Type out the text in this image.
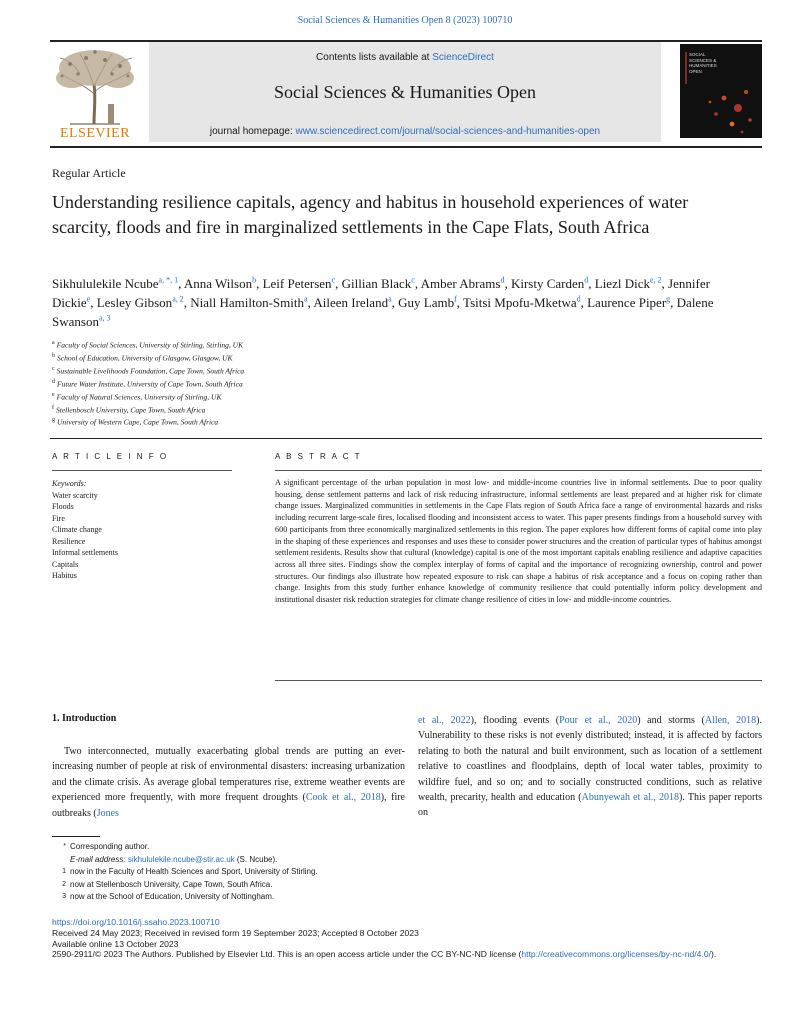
Social Sciences & Humanities Open 8 (2023) 100710
Contents lists available at ScienceDirect
Social Sciences & Humanities Open
journal homepage: www.sciencedirect.com/journal/social-sciences-and-humanities-open
ELSEVIER
SOCIAL SCIENCES & HUMANITIES OPEN
Regular Article
Understanding resilience capitals, agency and habitus in household experiences of water scarcity, floods and fire in marginalized settlements in the Cape Flats, South Africa
Sikhululekile Ncube$^{a, *, 1}$, Anna Wilson$^b$, Leif Petersen$^c$, Gillian Black$^c$, Amber Abrams$^d$, Kirsty Carden$^d$, Liezl Dick$^{e, 2}$, Jennifer Dickie$^e$, Lesley Gibson$^{a, 2}$, Niall Hamilton-Smith$^a$, Aileen Ireland$^a$, Guy Lamb$^f$, Tsitsi Mpofu-Mketwa$^d$, Laurence Piper$^g$, Dalene Swanson$^{a, 3}$
$^a$ Faculty of Social Sciences, University of Stirling, Stirling, UK
$^b$ School of Education, University of Glasgow, Glasgow, UK
$^c$ Sustainable Livelihoods Foundation, Cape Town, South Africa
$^d$ Future Water Institute, University of Cape Town, South Africa
$^e$ Faculty of Natural Sciences, University of Stirling, UK
$^f$ Stellenbosch University, Cape Town, South Africa
$^g$ University of Western Cape, Cape Town, South Africa
A R T I C L E I N F O	A B S T R A C T
Keywords:
Water scarcity
Floods
Fire
Climate change
Resilience
Informal settlements
Capitals
Habitus
A significant percentage of the urban population in most low- and middle-income countries live in informal settlements. Due to poor quality housing, dense settlement patterns and lack of risk reducing infrastructure, informal settlements are least prepared and at higher risk for climate change issues. Marginalized communities in settlements in the Cape Flats region of South Africa face a range of environmental hazards and risks including recurrent large-scale fires, localised flooding and inconsistent access to water. This paper presents findings from a household survey with 600 participants from three economically marginalized settlements in this region. The paper explores how different forms of capital come into play in the shaping of these experiences and responses and uses these to consider power structures and the creation of particular types of habitus amongst settlement residents. Results show that cultural (knowledge) capital is one of the most important capitals enabling resilience and adaptive capacities across all three sites. Findings show the complex interplay of forms of capital and the importance of recognizing ownership, control and power structures. Our findings also illustrate how repeated exposure to risk can shape a habitus of risk acceptance and a focus on coping rather than change. Insights from this study further enhance knowledge of community resilience that could potentially inform policy development and institutional disaster risk reduction strategies for climate change resilience of cities in low- and middle-income countries.
1. Introduction
Two interconnected, mutually exacerbating global trends are putting an ever-increasing number of people at risk of environmental disasters: increasing urbanization and the climate crisis. As average global temperatures rise, extreme weather events are experienced more frequently, with more frequent droughts (Cook et al., 2018), fire outbreaks (Jones
et al., 2022), flooding events (Pour et al., 2020) and storms (Allen, 2018). Vulnerability to these risks is not evenly distributed; instead, it is affected by factors relating to both the natural and built environment, such as location of a settlement relative to coastlines and floodplains, depth of local water tables, proximity to wildfire fuel, and so on; and to socially constructed conditions, such as relative wealth, precarity, health and education (Abunyewah et al., 2018). This paper reports on
* Corresponding author.
E-mail address: sikhululekile.ncube@stir.ac.uk (S. Ncube).
1 now in the Faculty of Health Sciences and Sport, University of Stirling.
2 now at Stellenbosch University, Cape Town, South Africa.
3 now at the School of Education, University of Nottingham.
https://doi.org/10.1016/j.ssaho.2023.100710
Received 24 May 2023; Received in revised form 19 September 2023; Accepted 8 October 2023
Available online 13 October 2023
2590-2911/© 2023 The Authors. Published by Elsevier Ltd. This is an open access article under the CC BY-NC-ND license (http://creativecommons.org/licenses/by-nc-nd/4.0/).
